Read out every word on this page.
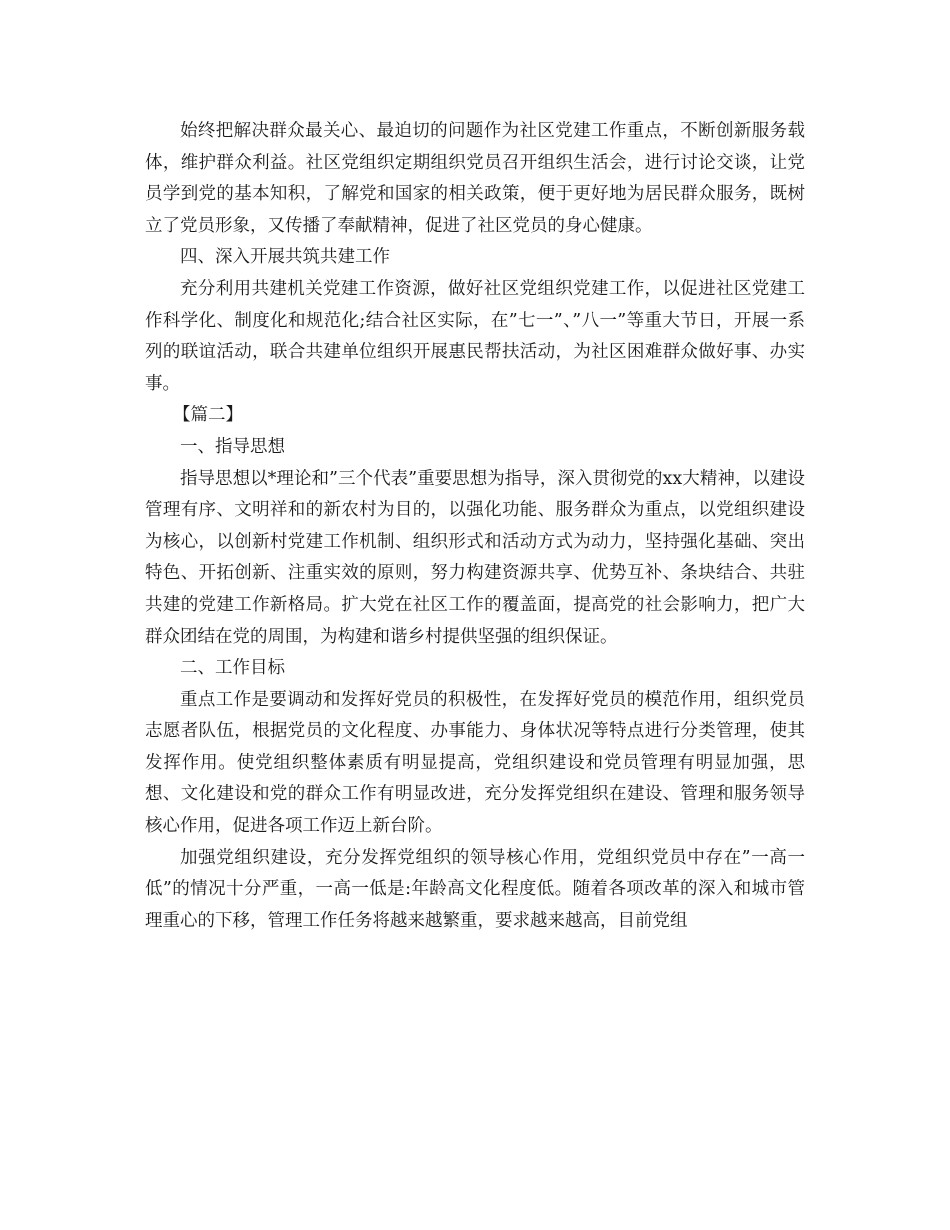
始终把解决群众最关心、最迫切的问题作为社区党建工作重点，不断创新服务载体，维护群众利益。社区党组织定期组织党员召开组织生活会，进行讨论交谈，让党员学到党的基本知积，了解党和国家的相关政策，便于更好地为居民群众服务，既树立了党员形象，又传播了奉献精神，促进了社区党员的身心健康。

四、深入开展共筑共建工作

充分利用共建机关党建工作资源，做好社区党组织党建工作，以促进社区党建工作科学化、制度化和规范化;结合社区实际，在”七一”、”八一”等重大节日，开展一系列的联谊活动，联合共建单位组织开展惠民帮扶活动，为社区困难群众做好事、办实事。

【篇二】

一、指导思想

指导思想以*理论和”三个代表”重要思想为指导，深入贯彻党的xx大精神，以建设管理有序、文明祥和的新农村为目的，以强化功能、服务群众为重点，以党组织建设为核心，以创新村党建工作机制、组织形式和活动方式为动力，坚持强化基础、突出特色、开拓创新、注重实效的原则，努力构建资源共享、优势互补、条块结合、共驻共建的党建工作新格局。扩大党在社区工作的覆盖面，提高党的社会影响力，把广大群众团结在党的周围，为构建和谐乡村提供坚强的组织保证。

二、工作目标

重点工作是要调动和发挥好党员的积极性，在发挥好党员的模范作用，组织党员志愿者队伍，根据党员的文化程度、办事能力、身体状况等特点进行分类管理，使其发挥作用。使党组织整体素质有明显提高，党组织建设和党员管理有明显加强，思想、文化建设和党的群众工作有明显改进，充分发挥党组织在建设、管理和服务领导核心作用，促进各项工作迈上新台阶。

加强党组织建设，充分发挥党组织的领导核心作用，党组织党员中存在”一高一低”的情况十分严重，一高一低是:年龄高文化程度低。随着各项改革的深入和城市管理重心的下移，管理工作任务将越来越繁重，要求越来越高，目前党组
